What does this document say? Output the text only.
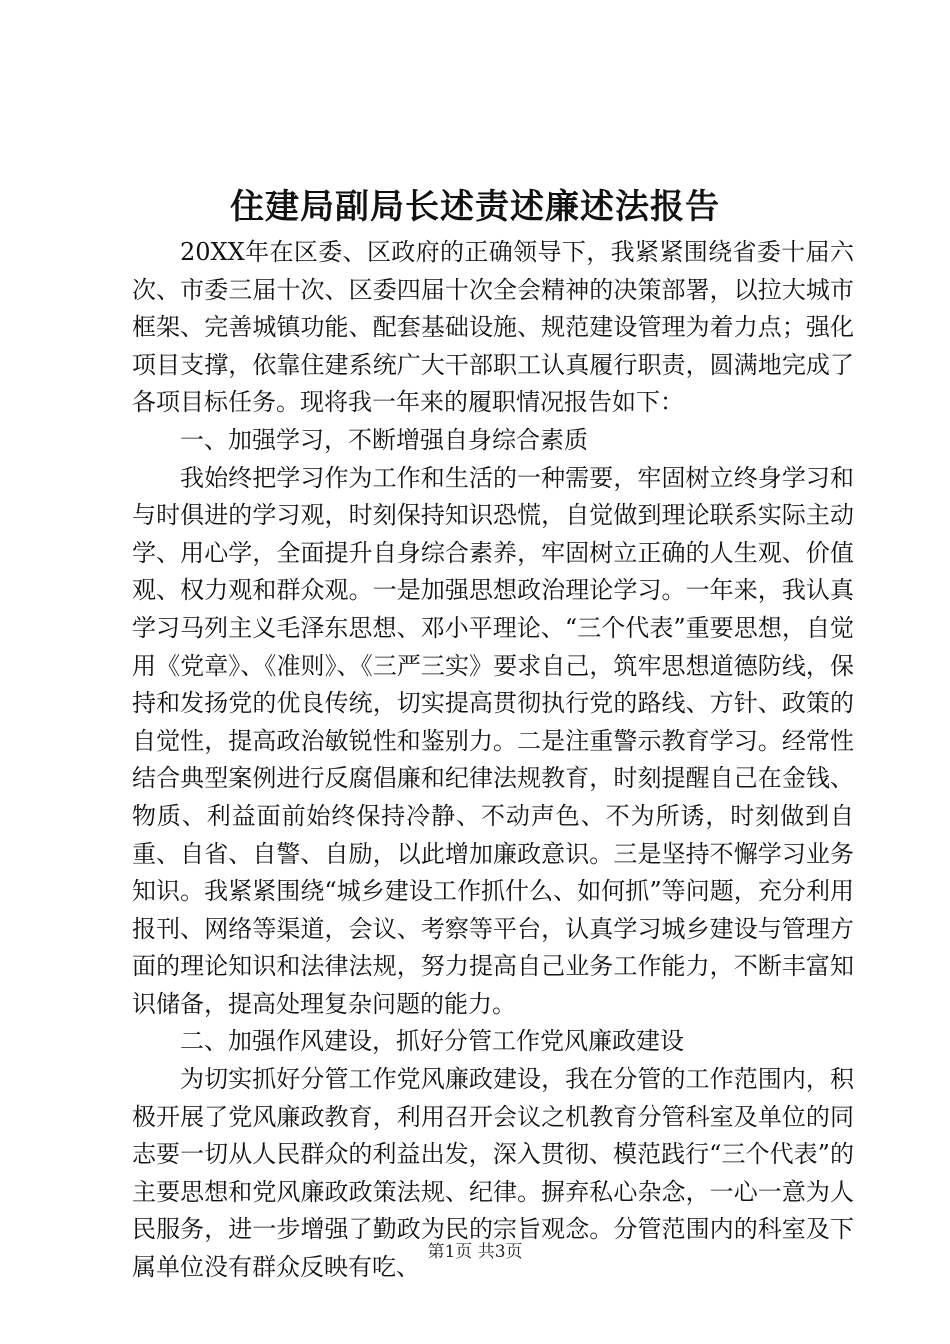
住建局副局长述责述廉述法报告

20XX年在区委、区政府的正确领导下，我紧紧围绕省委十届六次、市委三届十次、区委四届十次全会精神的决策部署，以拉大城市框架、完善城镇功能、配套基础设施、规范建设管理为着力点；强化项目支撑，依靠住建系统广大干部职工认真履行职责，圆满地完成了各项目标任务。现将我一年来的履职情况报告如下：

一、加强学习，不断增强自身综合素质

我始终把学习作为工作和生活的一种需要，牢固树立终身学习和与时俱进的学习观，时刻保持知识恐慌，自觉做到理论联系实际主动学、用心学，全面提升自身综合素养，牢固树立正确的人生观、价值观、权力观和群众观。一是加强思想政治理论学习。一年来，我认真学习马列主义毛泽东思想、邓小平理论、“三个代表”重要思想，自觉用《党章》、《准则》、《三严三实》要求自己，筑牢思想道德防线，保持和发扬党的优良传统，切实提高贯彻执行党的路线、方针、政策的自觉性，提高政治敏锐性和鉴别力。二是注重警示教育学习。经常性结合典型案例进行反腐倡廉和纪律法规教育，时刻提醒自己在金钱、物质、利益面前始终保持冷静、不动声色、不为所诱，时刻做到自重、自省、自警、自励，以此增加廉政意识。三是坚持不懈学习业务知识。我紧紧围绕“城乡建设工作抓什么、如何抓”等问题，充分利用报刊、网络等渠道，会议、考察等平台，认真学习城乡建设与管理方面的理论知识和法律法规，努力提高自己业务工作能力，不断丰富知识储备，提高处理复杂问题的能力。

二、加强作风建设，抓好分管工作党风廉政建设

为切实抓好分管工作党风廉政建设，我在分管的工作范围内，积极开展了党风廉政教育，利用召开会议之机教育分管科室及单位的同志要一切从人民群众的利益出发，深入贯彻、模范践行“三个代表”的主要思想和党风廉政政策法规、纪律。摒弃私心杂念，一心一意为人民服务，进一步增强了勤政为民的宗旨观念。分管范围内的科室及下属单位没有群众反映有吃、

第1页 共3页
